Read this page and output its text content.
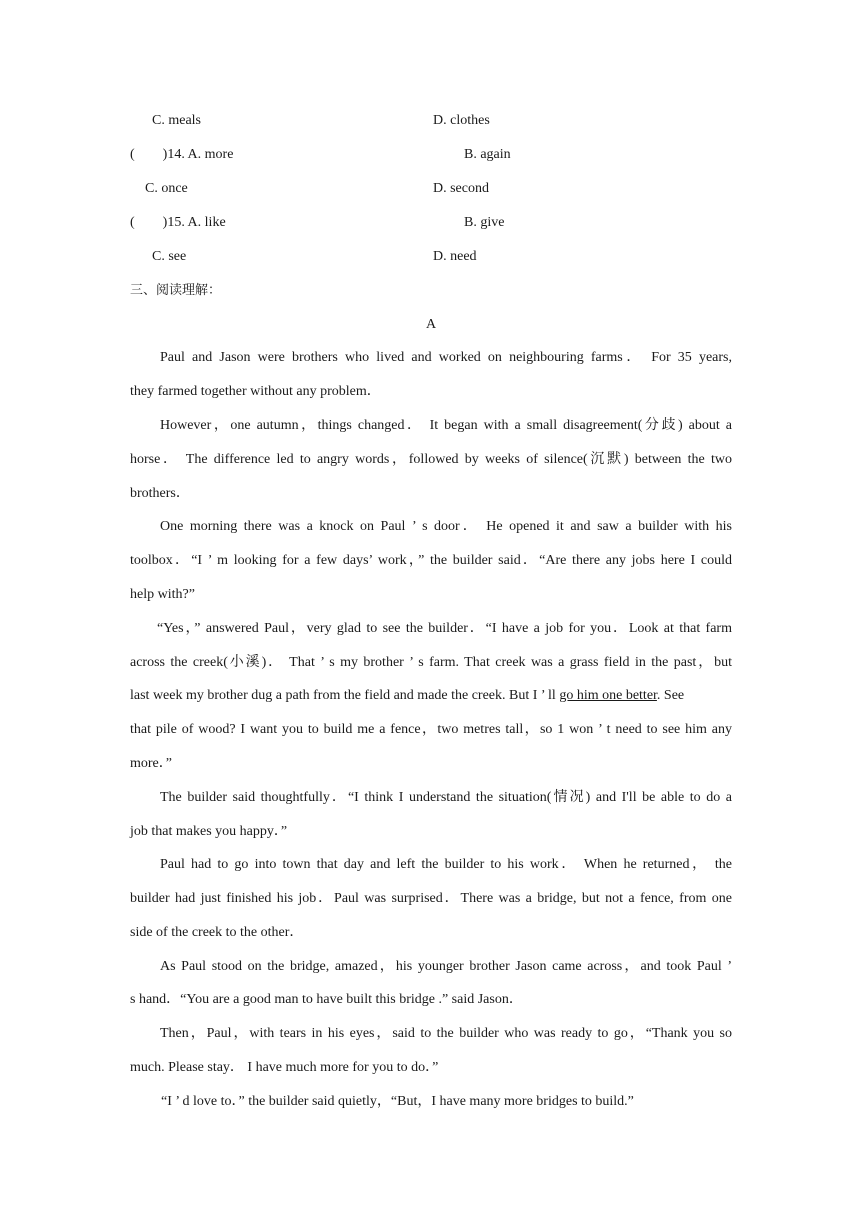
C. meals	D. clothes
(        )14. A. more	B. again
C. once	D. second
(        )15. A. like	B. give
C. see	D. need
三、阅读理解：
A
Paul and Jason were brothers who lived and worked on neighbouring farms． For 35 years,
they farmed together without any problem．
However，one autumn，things changed． It began with a small disagreement(分歧) about a
horse． The difference led to angry words，followed by weeks of silence(沉默) between the two
brothers．
One morning there was a knock on Paul ’ s door． He opened it and saw a builder with his
toolbox．“I ’ m looking for a few days’ work，” the builder said．“Are there any jobs here I could
help with?”
“Yes，” answered Paul，very glad to see the builder．“I have a job for you．Look at that farm
across the creek(小溪)． That ’ s my brother ’ s farm. That creek was a grass field in the past，but
last week my brother dug a path from the field and made the creek. But I ’ ll go him one better. See
that pile of wood? I want you to build me a fence，two metres tall，so 1 won ’ t need to see him any
more．”
The builder said thoughtfully．“I think I understand the situation(情况) and I'll be able to do a
job that makes you happy．”
Paul had to go into town that day and left the builder to his work． When he returned， the
builder had just finished his job．Paul was surprised．There was a bridge, but not a fence, from one
side of the creek to the other．
As Paul stood on the bridge, amazed，his younger brother Jason came across，and took Paul ’
s hand．“You are a good man to have built this bridge .” said Jason．
Then，Paul，with tears in his eyes，said to the builder who was ready to go，“Thank you so
much. Please stay． I have much more for you to do．”
“I ’ d love to．” the builder said quietly，“But，I have many more bridges to build.”
